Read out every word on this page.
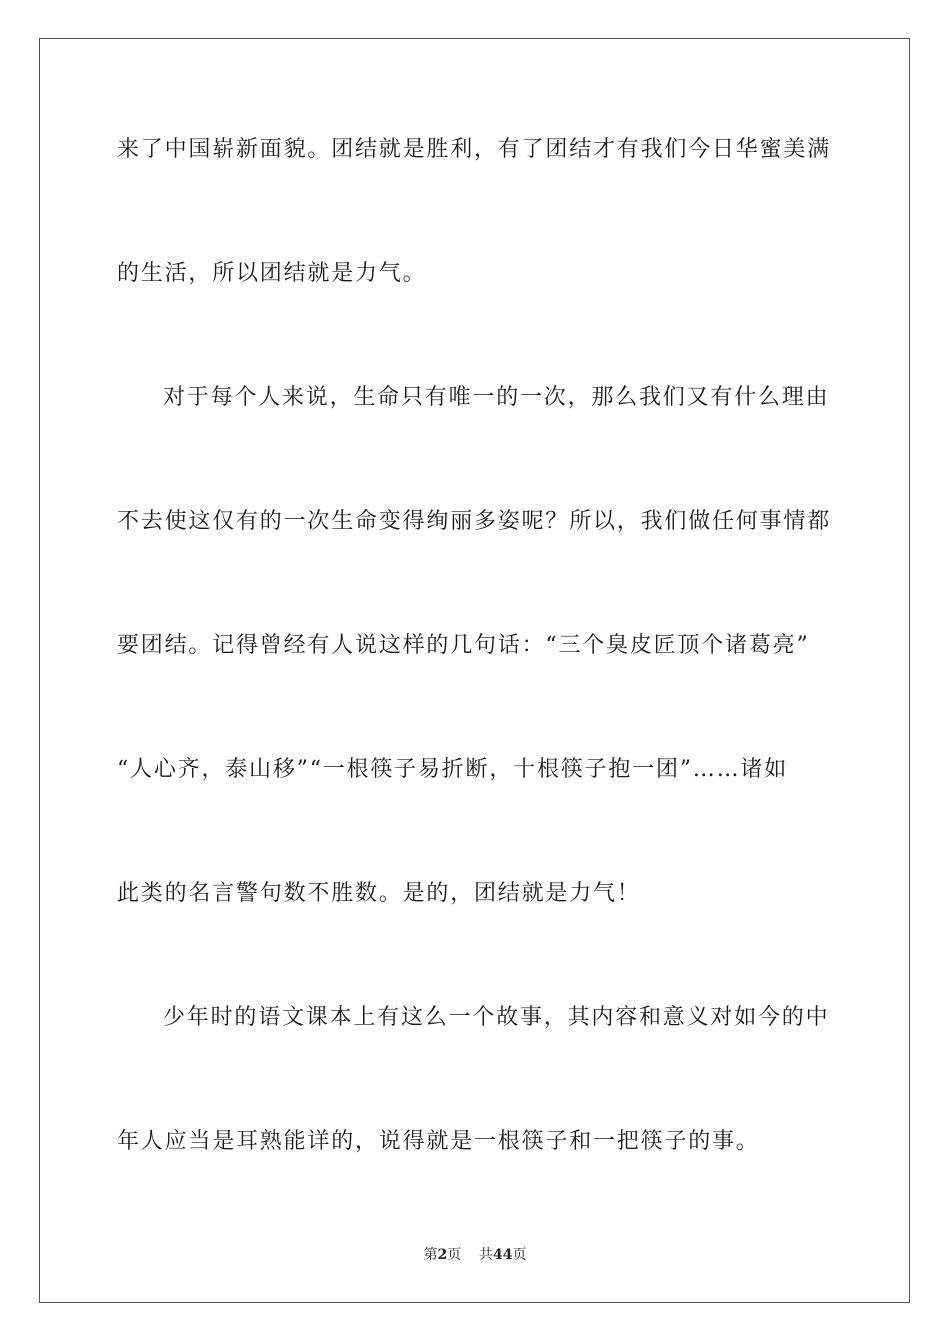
来了中国崭新面貌。团结就是胜利，有了团结才有我们今日华蜜美满
的生活，所以团结就是力气。
对于每个人来说，生命只有唯一的一次，那么我们又有什么理由
不去使这仅有的一次生命变得绚丽多姿呢？所以，我们做任何事情都
要团结。记得曾经有人说这样的几句话：“三个臭皮匠顶个诸葛亮”
“人心齐，泰山移”“一根筷子易折断，十根筷子抱一团”……诸如
此类的名言警句数不胜数。是的，团结就是力气！
少年时的语文课本上有这么一个故事，其内容和意义对如今的中
年人应当是耳熟能详的，说得就是一根筷子和一把筷子的事。
第2页 共44页
